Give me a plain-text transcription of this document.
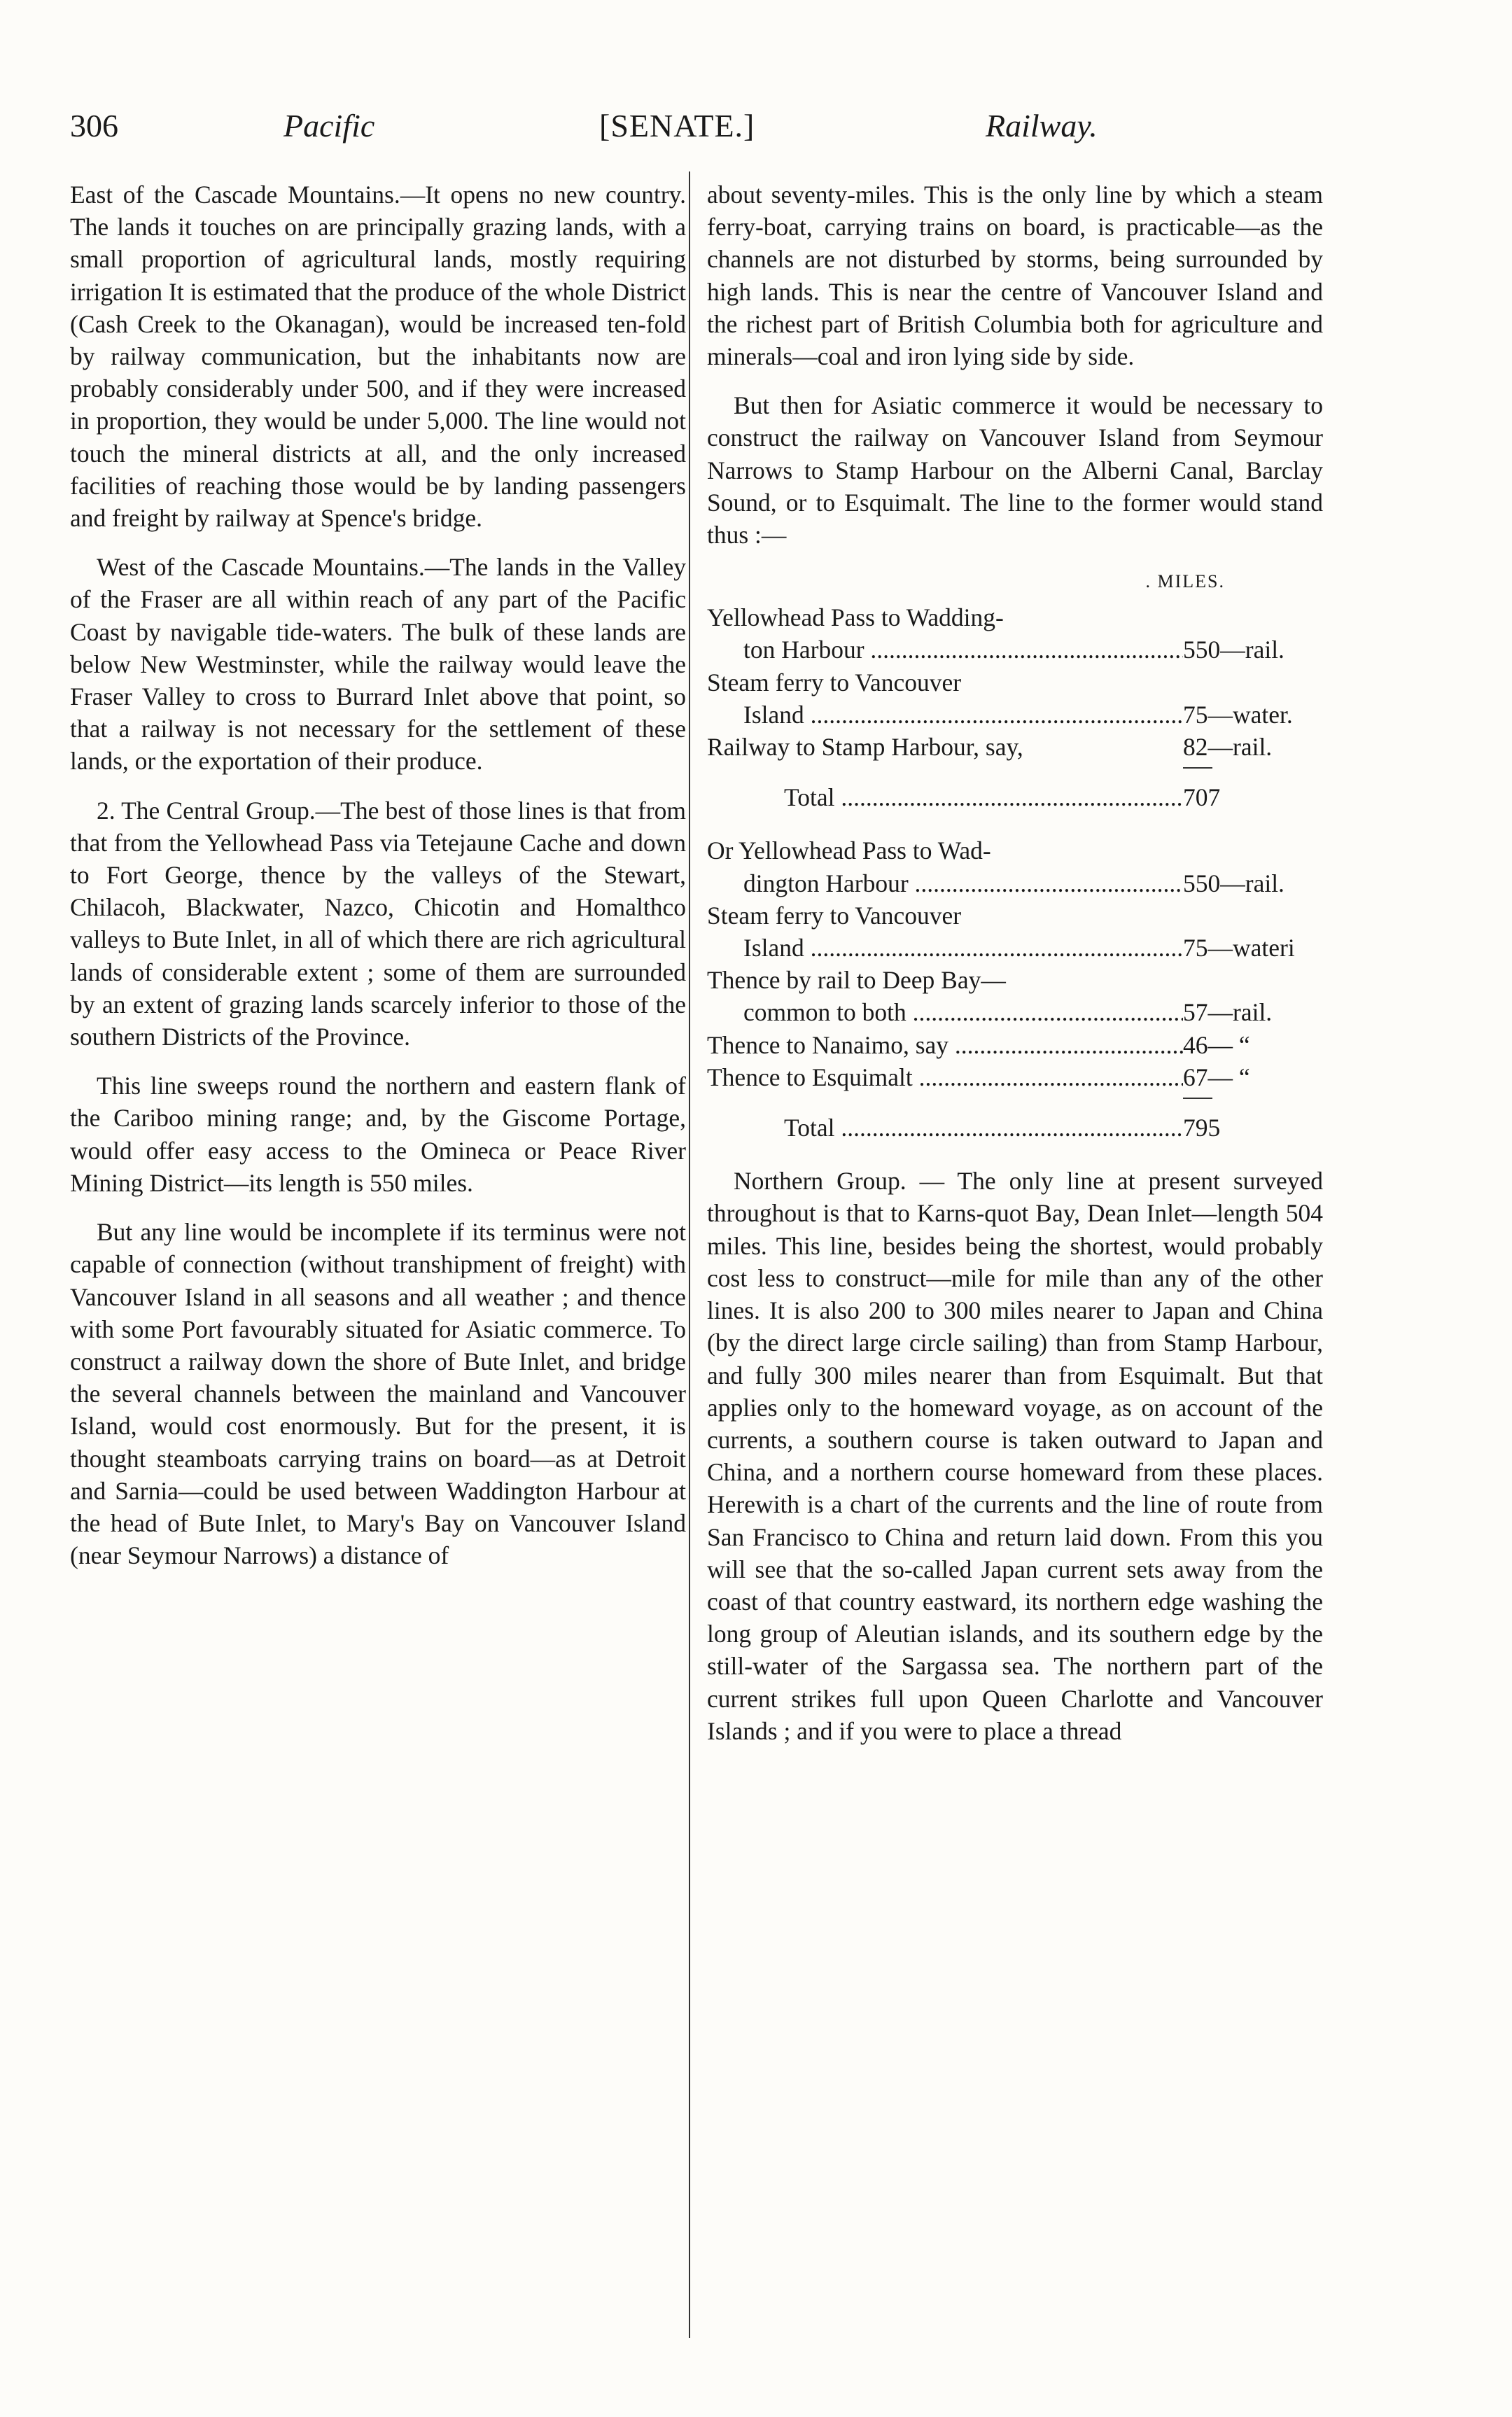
306	Pacific	[SENATE.]	Railway.

East of the Cascade Mountains.—It opens no new country. The lands it touches on are principally grazing lands, with a small proportion of agricultural lands, mostly requiring irrigation It is estimated that the produce of the whole District (Cash Creek to the Okanagan), would be increased ten-fold by railway communication, but the inhabitants now are probably considerably under 500, and if they were increased in proportion, they would be under 5,000. The line would not touch the mineral districts at all, and the only increased facilities of reaching those would be by landing passengers and freight by railway at Spence's bridge.

West of the Cascade Mountains.—The lands in the Valley of the Fraser are all within reach of any part of the Pacific Coast by navigable tide-waters. The bulk of these lands are below New Westminster, while the railway would leave the Fraser Valley to cross to Burrard Inlet above that point, so that a railway is not necessary for the settlement of these lands, or the exportation of their produce.

2. The Central Group.—The best of those lines is that from that from the Yellowhead Pass via Tetejaune Cache and down to Fort George, thence by the valleys of the Stewart, Chilacoh, Blackwater, Nazco, Chicotin and Homalthco valleys to Bute Inlet, in all of which there are rich agricultural lands of considerable extent ; some of them are surrounded by an extent of grazing lands scarcely inferior to those of the southern Districts of the Province.

This line sweeps round the northern and eastern flank of the Cariboo mining range; and, by the Giscome Portage, would offer easy access to the Omineca or Peace River Mining District—its length is 550 miles.

But any line would be incomplete if its terminus were not capable of connection (without transhipment of freight) with Vancouver Island in all seasons and all weather ; and thence with some Port favourably situated for Asiatic commerce. To construct a railway down the shore of Bute Inlet, and bridge the several channels between the mainland and Vancouver Island, would cost enormously. But for the present, it is thought steamboats carrying trains on board—as at Detroit and Sarnia—could be used between Waddington Harbour at the head of Bute Inlet, to Mary's Bay on Vancouver Island (near Seymour Narrows) a distance of

about seventy-miles. This is the only line by which a steam ferry-boat, carrying trains on board, is practicable—as the channels are not disturbed by storms, being surrounded by high lands. This is near the centre of Vancouver Island and the richest part of British Columbia both for agriculture and minerals—coal and iron lying side by side.

But then for Asiatic commerce it would be necessary to construct the railway on Vancouver Island from Seymour Narrows to Stamp Harbour on the Alberni Canal, Barclay Sound, or to Esquimalt. The line to the former would stand thus :—

. MILES.
Yellowhead Pass to Wadding-
ton Harbour .....	550—rail.
Steam ferry to Vancouver
Island .....	75—water.
Railway to Stamp Harbour, say,	82—rail.
Total .....	707
Or Yellowhead Pass to Wad-
dington Harbour .....	550—rail.
Steam ferry to Vancouver
Island .....	75—wateri
Thence by rail to Deep Bay—
common to both .....	57—rail.
Thence to Nanaimo, say .....	46— “
Thence to Esquimalt .....	67— “
Total .....	795

Northern Group. — The only line at present surveyed throughout is that to Karns-quot Bay, Dean Inlet—length 504 miles. This line, besides being the shortest, would probably cost less to construct—mile for mile than any of the other lines. It is also 200 to 300 miles nearer to Japan and China (by the direct large circle sailing) than from Stamp Harbour, and fully 300 miles nearer than from Esquimalt. But that applies only to the homeward voyage, as on account of the currents, a southern course is taken outward to Japan and China, and a northern course homeward from these places. Herewith is a chart of the currents and the line of route from San Francisco to China and return laid down. From this you will see that the so-called Japan current sets away from the coast of that country eastward, its northern edge washing the long group of Aleutian islands, and its southern edge by the still-water of the Sargassa sea. The northern part of the current strikes full upon Queen Charlotte and Vancouver Islands ; and if you were to place a thread
